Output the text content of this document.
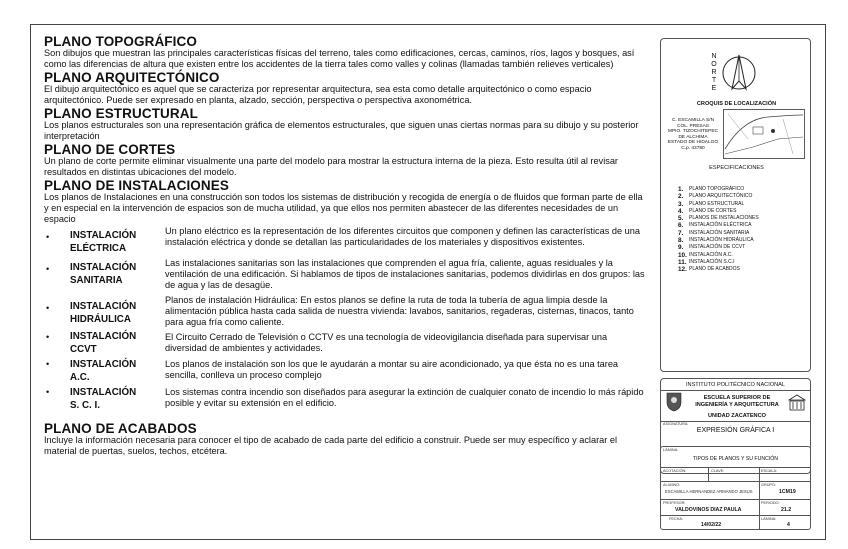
PLANO TOPOGRÁFICO

Son dibujos que muestran las principales características físicas del terreno, tales como edificaciones, cercas, caminos, ríos, lagos y bosques, así como las diferencias de altura que existen entre los accidentes de la tierra tales como valles y colinas (llamadas también relieves verticales)

PLANO ARQUITECTÓNICO

El dibujo arquitectónico es aquel que se caracteriza por representar arquitectura, sea esta como detalle arquitectónico o como espacio arquitectónico. Puede ser expresado en planta, alzado, sección, perspectiva o perspectiva axonométrica.

PLANO ESTRUCTURAL

Los planos estructurales son una representación gráfica de elementos estructurales, que siguen unas ciertas normas para su dibujo y su posterior interpretación

PLANO DE CORTES

Un plano de corte permite eliminar visualmente una parte del modelo para mostrar la estructura interna de la pieza. Esto resulta útil al revisar resultados en distintas ubicaciones del modelo.

PLANO DE INSTALACIONES

Los planos de Instalaciones en una construcción son todos los sistemas de distribución y recogida de energía o de fluidos que forman parte de ella y en especial en la intervención de espacios son de mucha utilidad, ya que ellos nos permiten abastecer de las diferentes necesidades de un espacio

•	INSTALACIÓN
ELÉCTRICA
Un plano eléctrico es la representación de los diferentes circuitos que componen y definen las características de una instalación eléctrica y donde se detallan las particularidades de los materiales y dispositivos existentes.
•	INSTALACIÓN
SANITARIA
Las instalaciones sanitarias son las instalaciones que comprenden el agua fría, caliente, aguas residuales y la ventilación de una edificación. Si hablamos de tipos de instalaciones sanitarias, podemos dividirlas en dos grupos: las de agua y las de desagüe.
•	INSTALACIÓN
HIDRÁULICA
Planos de instalación Hidráulica: En estos planos se define la ruta de toda la tubería de agua limpia desde la alimentación pública hasta cada salida de nuestra vivienda: lavabos, sanitarios, regaderas, cisternas, tinacos, tanto para agua fría como caliente.
•	INSTALACIÓN
CCVT
El Circuito Cerrado de Televisión o CCTV es una tecnología de videovigilancia diseñada para supervisar una diversidad de ambientes y actividades.
•	INSTALACIÓN
A.C.
Los planos de instalación son los que le ayudarán a montar su aire acondicionado, ya que ésta no es una tarea sencilla, conlleva un proceso complejo
•	INSTALACIÓN
S. C. I.
Los sistemas contra incendio son diseñados para asegurar la extinción de cualquier conato de incendio lo más rápido posible y evitar su extensión en el edificio.
PLANO DE ACABADOS

Incluye la información necesaria para conocer el tipo de acabado de cada parte del edificio a construir. Puede ser muy específico y aclarar el material de puertas, suelos, techos, etcétera.

N
O
R
T
E
CROQUIS DE LOCALIZACIÓN
C. ESCAMILLA S/N
COL. PRESAS
MPIO. TIZOCHITEPEC DE ALCHIMA
ESTADO DE HIDALGO
C.p. 43780
ESPECIFICACIONES
1.	PLANO TOPOGRÁFICO
2.	PLANO ARQUITECTÓNICO
3.	PLANO ESTRUCTURAL
4.	PLANO DE CORTES
5.	PLANOS DE INSTALACIONES
6.	INSTALACIÓN ELÉCTRICA
7.	INSTALACIÓN SANITARIA
8.	INSTALACIÓN HIDRÁULICA
9.	INSTALACIÓN DE CCVT
10. INSTALACIÓN A.C.
11. INSTALACIÓN S.C.I
12. PLANO DE ACABDOS
INSTITUTO POLITÉCNICO NACIONAL
ESCUELA SUPERIOR DE
INGENIERÍA Y ARQUITECTURA
UNIDAD ZACATENCO
ASIGNATURA:
EXPRESIÓN GRÁFICA I
LÁMINA:
TIPOS DE PLANOS Y SU FUNCIÓN
ACOTACIÓN:	CLAVE:	ESCALA:
ALUMNO:
ESCAMILLA HERNANDEZ ARMANDO JESUS
GRUPO:
1CM19
PROFESOR:
VALDOVINOS DIAZ PAULA
PERIODO:
21.2
FECHA:
14/02/22
LÁMINA:
4
